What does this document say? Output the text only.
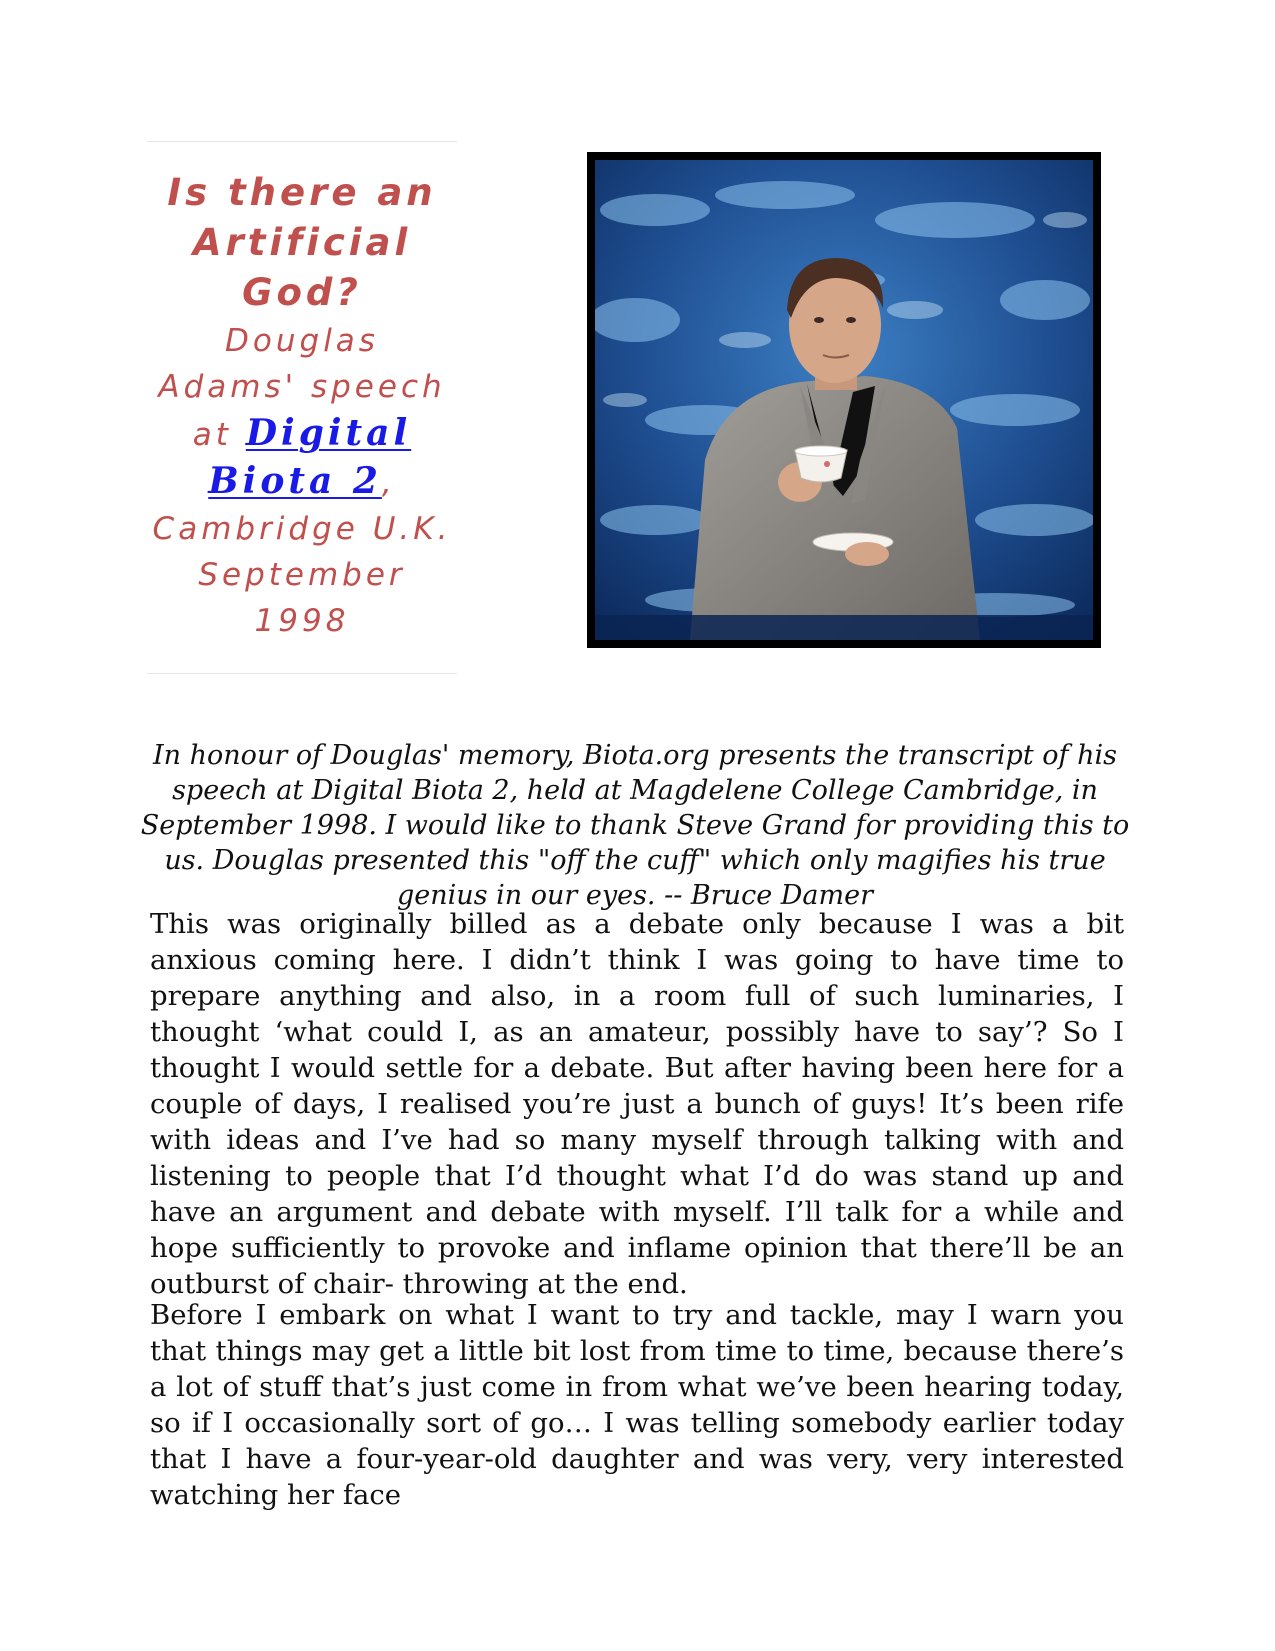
Is there an

Artificial

God?

Douglas

Adams' speech

at Digital

Biota 2,

Cambridge U.K.

September

1998

In honour of Douglas' memory, Biota.org presents the transcript of his speech at Digital Biota 2, held at Magdelene College Cambridge, in September 1998. I would like to thank Steve Grand for providing this to us. Douglas presented this "off the cuff" which only magifies his true genius in our eyes. -- Bruce Damer

This was originally billed as a debate only because I was a bit anxious coming here. I didn’t think I was going to have time to prepare anything and also, in a room full of such luminaries, I thought ‘what could I, as an amateur, possibly have to say’? So I thought I would settle for a debate. But after having been here for a couple of days, I realised you’re just a bunch of guys! It’s been rife with ideas and I’ve had so many myself through talking with and listening to people that I’d thought what I’d do was stand up and have an argument and debate with myself. I’ll talk for a while and hope sufficiently to provoke and inflame opinion that there’ll be an outburst of chair- throwing at the end.

Before I embark on what I want to try and tackle, may I warn you that things may get a little bit lost from time to time, because there’s a lot of stuff that’s just come in from what we’ve been hearing today, so if I occasionally sort of go… I was telling somebody earlier today that I have a four-year-old daughter and was very, very interested watching her face
